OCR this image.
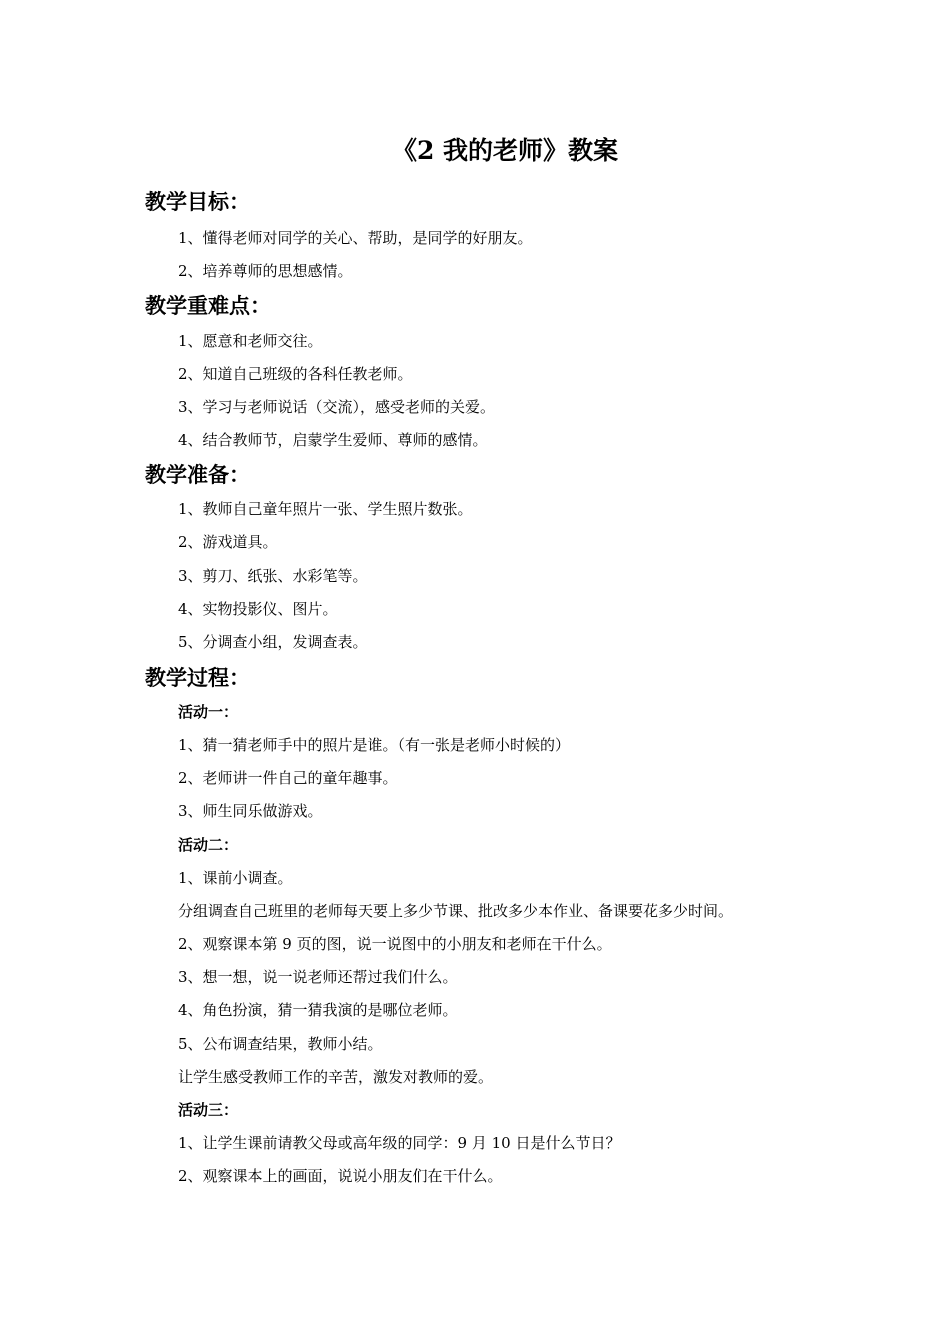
《2 我的老师》教案
教学目标：
1、懂得老师对同学的关心、帮助，是同学的好朋友。
2、培养尊师的思想感情。
教学重难点：
1、愿意和老师交往。
2、知道自己班级的各科任教老师。
3、学习与老师说话（交流），感受老师的关爱。
4、结合教师节，启蒙学生爱师、尊师的感情。
教学准备：
1、教师自己童年照片一张、学生照片数张。
2、游戏道具。
3、剪刀、纸张、水彩笔等。
4、实物投影仪、图片。
5、分调查小组，发调查表。
教学过程：
活动一：
1、猜一猜老师手中的照片是谁。（有一张是老师小时候的）
2、老师讲一件自己的童年趣事。
3、师生同乐做游戏。
活动二：
1、课前小调查。
分组调查自己班里的老师每天要上多少节课、批改多少本作业、备课要花多少时间。
2、观察课本第 9 页的图，说一说图中的小朋友和老师在干什么。
3、想一想，说一说老师还帮过我们什么。
4、角色扮演，猜一猜我演的是哪位老师。
5、公布调查结果，教师小结。
让学生感受教师工作的辛苦，激发对教师的爱。
活动三：
1、让学生课前请教父母或高年级的同学：9 月 10 日是什么节日？
2、观察课本上的画面，说说小朋友们在干什么。
